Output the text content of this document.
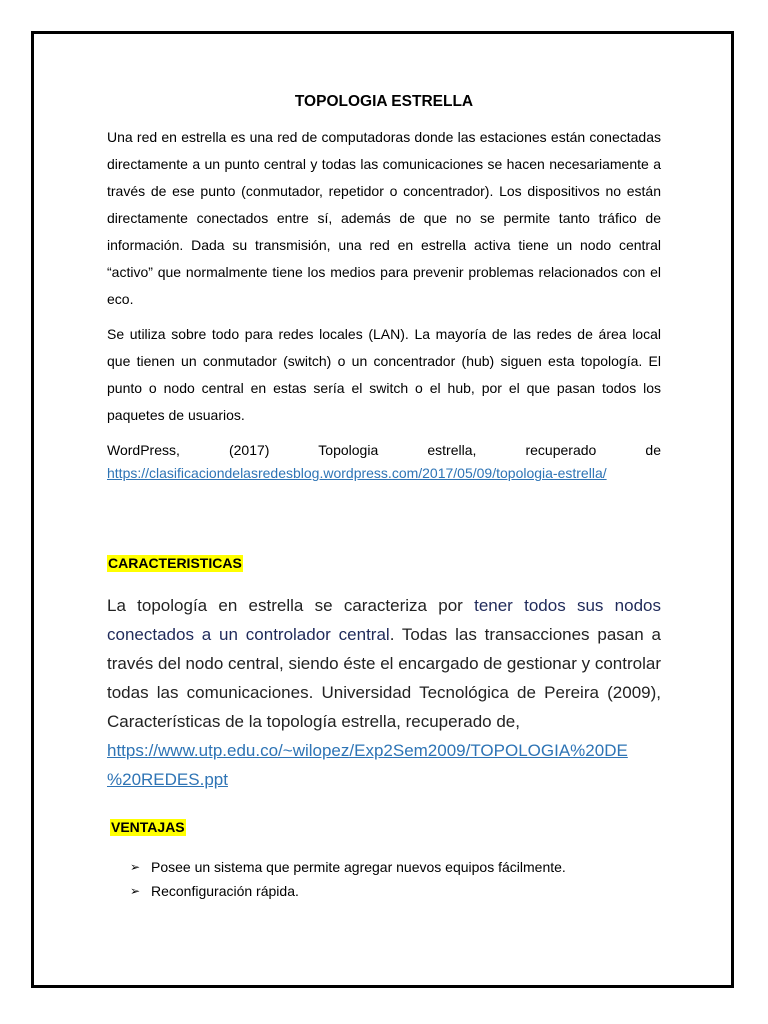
TOPOLOGIA ESTRELLA

Una red en estrella es una red de computadoras donde las estaciones están conectadas directamente a un punto central y todas las comunicaciones se hacen necesariamente a través de ese punto (conmutador, repetidor o concentrador). Los dispositivos no están directamente conectados entre sí, además de que no se permite tanto tráfico de información. Dada su transmisión, una red en estrella activa tiene un nodo central “activo” que normalmente tiene los medios para prevenir problemas relacionados con el eco.

Se utiliza sobre todo para redes locales (LAN). La mayoría de las redes de área local que tienen un conmutador (switch) o un concentrador (hub) siguen esta topología. El punto o nodo central en estas sería el switch o el hub, por el que pasan todos los paquetes de usuarios.

WordPress, (2017) Topologia estrella, recuperado de

https://clasificaciondelasredesblog.wordpress.com/2017/05/09/topologia-estrella/

CARACTERISTICAS

La topología en estrella se caracteriza por tener todos sus nodos conectados a un controlador central. Todas las transacciones pasan a través del nodo central, siendo éste el encargado de gestionar y controlar todas las comunicaciones. Universidad Tecnológica de Pereira (2009), Características de la topología estrella, recuperado de,
https://www.utp.edu.co/~wilopez/Exp2Sem2009/TOPOLOGIA%20DE
%20REDES.ppt

VENTAJAS
➢ Posee un sistema que permite agregar nuevos equipos fácilmente.
➢ Reconfiguración rápida.
